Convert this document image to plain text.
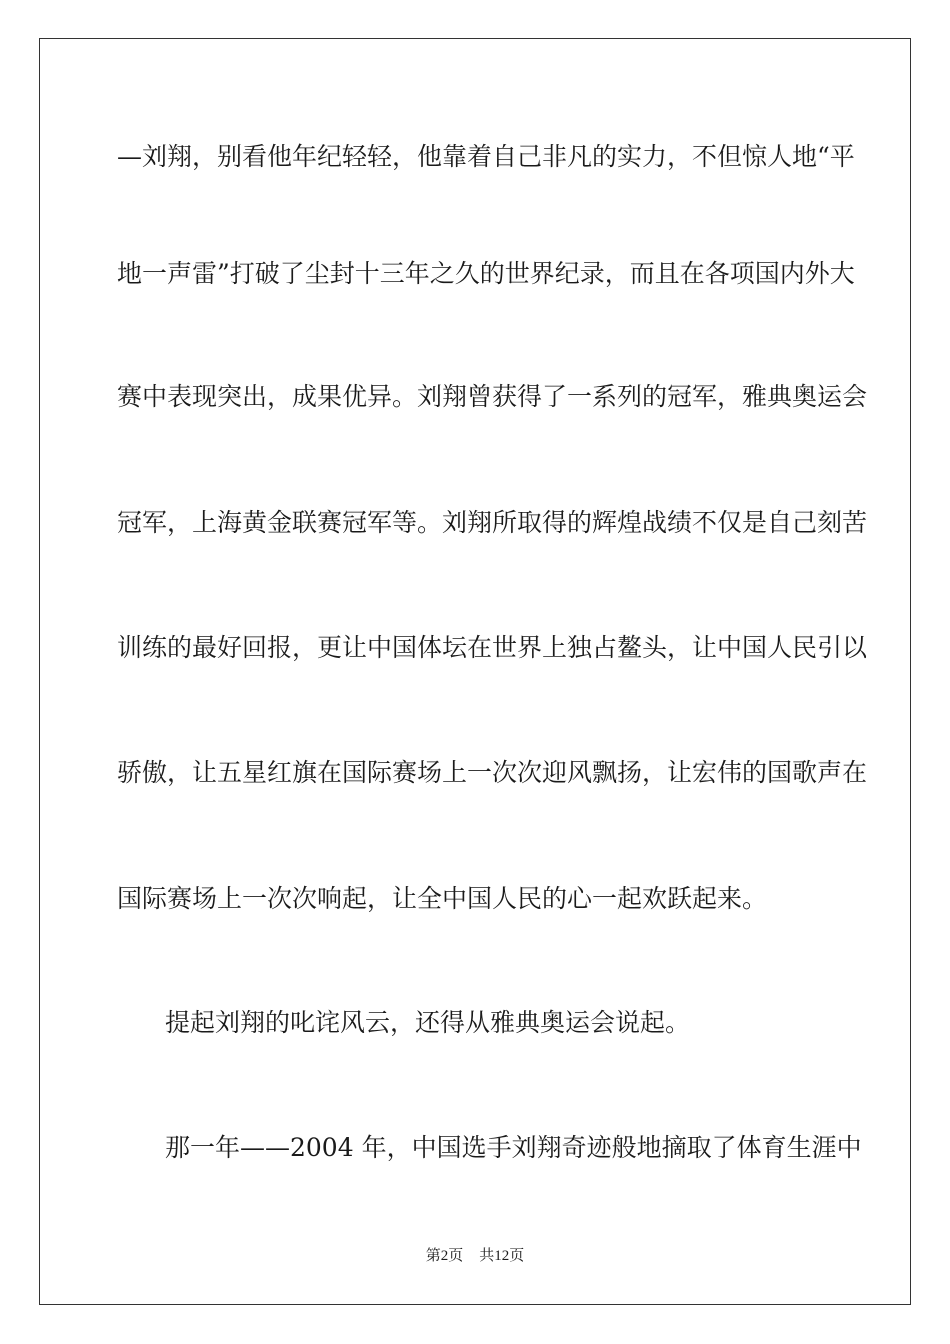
—刘翔，别看他年纪轻轻，他靠着自己非凡的实力，不但惊人地“平
地一声雷”打破了尘封十三年之久的世界纪录，而且在各项国内外大
赛中表现突出，成果优异。刘翔曾获得了一系列的冠军，雅典奥运会
冠军，上海黄金联赛冠军等。刘翔所取得的辉煌战绩不仅是自己刻苦
训练的最好回报，更让中国体坛在世界上独占鳌头，让中国人民引以
骄傲，让五星红旗在国际赛场上一次次迎风飘扬，让宏伟的国歌声在
国际赛场上一次次响起，让全中国人民的心一起欢跃起来。
提起刘翔的叱诧风云，还得从雅典奥运会说起。
那一年——2004 年，中国选手刘翔奇迹般地摘取了体育生涯中
第2页 共12页
